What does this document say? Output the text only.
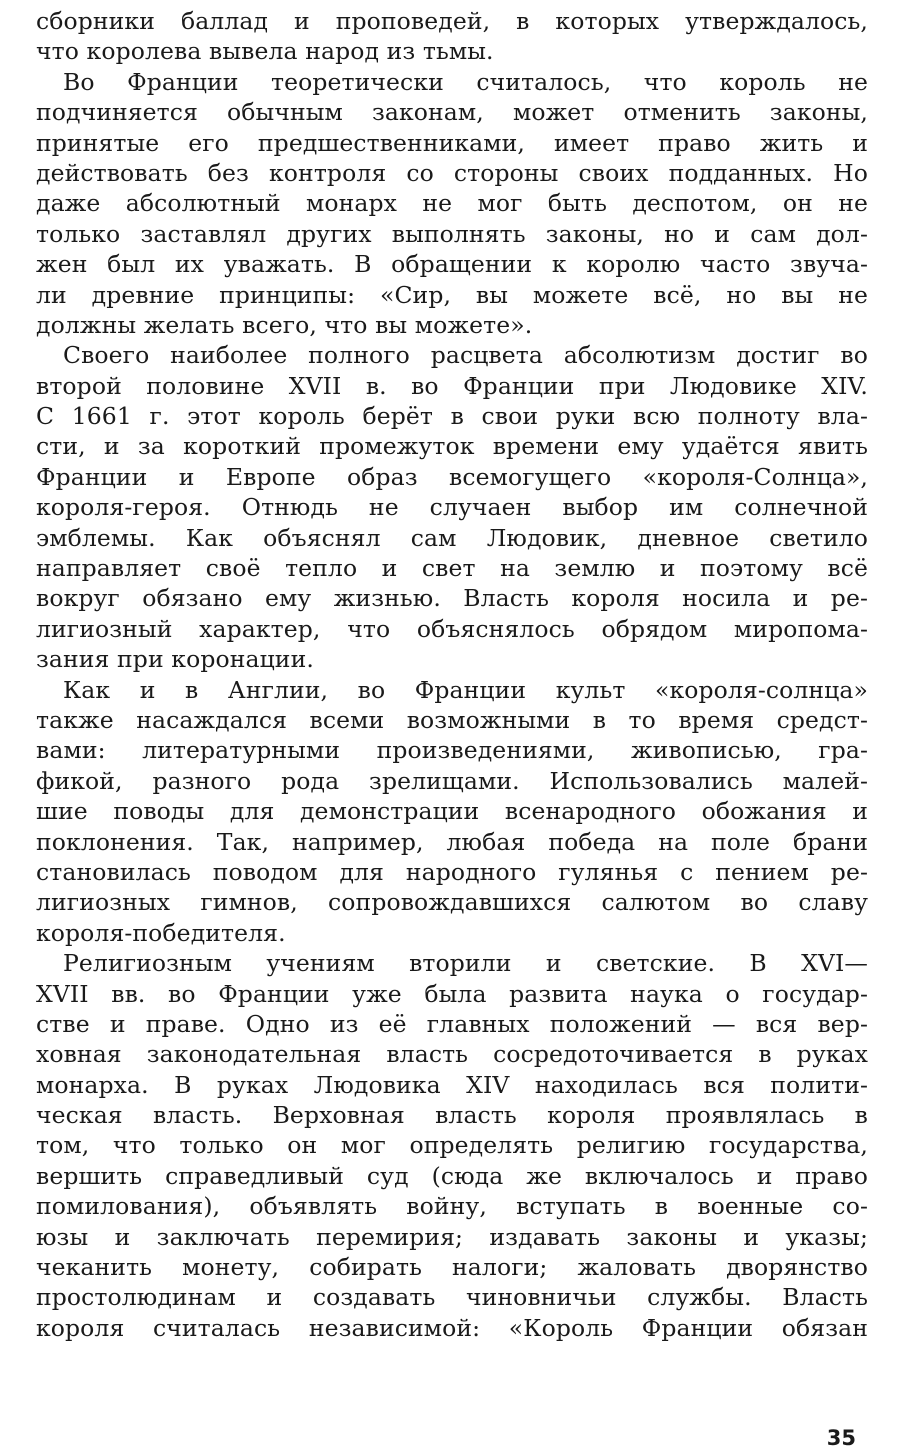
сборники баллад и проповедей, в которых утверждалось,
что королева вывела народ из тьмы.
Во Франции теоретически считалось, что король не
подчиняется обычным законам, может отменить законы,
принятые его предшественниками, имеет право жить и
действовать без контроля со стороны своих подданных. Но
даже абсолютный монарх не мог быть деспотом, он не
только заставлял других выполнять законы, но и сам дол-
жен был их уважать. В обращении к королю часто звуча-
ли древние принципы: «Сир, вы можете всё, но вы не
должны желать всего, что вы можете».
Своего наиболее полного расцвета абсолютизм достиг во
второй половине XVII в. во Франции при Людовике XIV.
С 1661 г. этот король берёт в свои руки всю полноту вла-
сти, и за короткий промежуток времени ему удаётся явить
Франции и Европе образ всемогущего «короля-Солнца»,
короля-героя. Отнюдь не случаен выбор им солнечной
эмблемы. Как объяснял сам Людовик, дневное светило
направляет своё тепло и свет на землю и поэтому всё
вокруг обязано ему жизнью. Власть короля носила и ре-
лигиозный характер, что объяснялось обрядом миропома-
зания при коронации.
Как и в Англии, во Франции культ «короля-солнца»
также насаждался всеми возможными в то время средст-
вами: литературными произведениями, живописью, гра-
фикой, разного рода зрелищами. Использовались малей-
шие поводы для демонстрации всенародного обожания и
поклонения. Так, например, любая победа на поле брани
становилась поводом для народного гулянья с пением ре-
лигиозных гимнов, сопровождавшихся салютом во славу
короля-победителя.
Религиозным учениям вторили и светские. В XVI—
XVII вв. во Франции уже была развита наука о государ-
стве и праве. Одно из её главных положений — вся вер-
ховная законодательная власть сосредоточивается в руках
монарха. В руках Людовика XIV находилась вся полити-
ческая власть. Верховная власть короля проявлялась в
том, что только он мог определять религию государства,
вершить справедливый суд (сюда же включалось и право
помилования), объявлять войну, вступать в военные со-
юзы и заключать перемирия; издавать законы и указы;
чеканить монету, собирать налоги; жаловать дворянство
простолюдинам и создавать чиновничьи службы. Власть
короля считалась независимой: «Король Франции обязан
35
